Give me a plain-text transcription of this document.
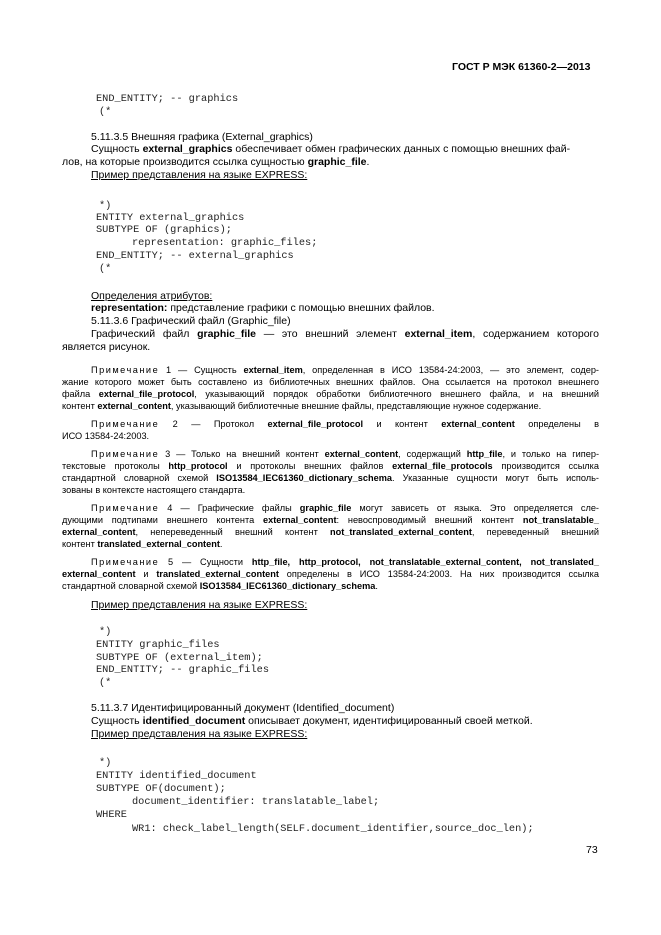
ГОСТ Р МЭК 61360-2—2013
END_ENTITY; -- graphics
(*
5.11.3.5 Внешняя графика (External_graphics)
Сущность external_graphics обеспечивает обмен графических данных с помощью внешних фай-
лов, на которые производится ссылка сущностью graphic_file.
Пример представления на языке EXPRESS:
*)
ENTITY external_graphics
SUBTYPE OF (graphics);
representation: graphic_files;
END_ENTITY; -- external_graphics
(*
Определения атрибутов:
representation: представление графики с помощью внешних файлов.
5.11.3.6 Графический файл (Graphic_file)
Графический файл graphic_file — это внешний элемент external_item, содержанием которого
является рисунок.
Примечание 1 — Сущность external_item, определенная в ИСО 13584-24:2003, — это элемент, содер-
жание которого может быть составлено из библиотечных внешних файлов. Она ссылается на протокол внешнего
файла external_file_protocol, указывающий порядок обработки библиотечного внешнего файла, и на внешний
контент external_content, указывающий библиотечные внешние файлы, представляющие нужное содержание.
Примечание 2 — Протокол external_file_protocol и контент external_content определены в
ИСО 13584-24:2003.
Примечание 3 — Только на внешний контент external_content, содержащий http_file, и только на гипер-
текстовые протоколы http_protocol и протоколы внешних файлов external_file_protocols производится ссылка
стандартной словарной схемой ISO13584_IEC61360_dictionary_schema. Указанные сущности могут быть исполь-
зованы в контексте настоящего стандарта.
Примечание 4 — Графические файлы graphic_file могут зависеть от языка. Это определяется сле-
дующими подтипами внешнего контента external_content: невоспроводимый внешний контент not_translatable_
external_content, непереведенный внешний контент not_translated_external_content, переведенный внешний
контент translated_external_content.
Примечание 5 — Сущности http_file, http_protocol, not_translatable_external_content, not_translated_
external_content и translated_external_content определены в ИСО 13584-24:2003. На них производится ссылка
стандартной словарной схемой ISO13584_IEC61360_dictionary_schema.
Пример представления на языке EXPRESS:
*)
ENTITY graphic_files
SUBTYPE OF (external_item);
END_ENTITY; -- graphic_files
(*
5.11.3.7 Идентифицированный документ (Identified_document)
Сущность identified_document описывает документ, идентифицированный своей меткой.
Пример представления на языке EXPRESS:
*)
ENTITY identified_document
SUBTYPE OF(document);
document_identifier: translatable_label;
WHERE
WR1: check_label_length(SELF.document_identifier,source_doc_len);
73
